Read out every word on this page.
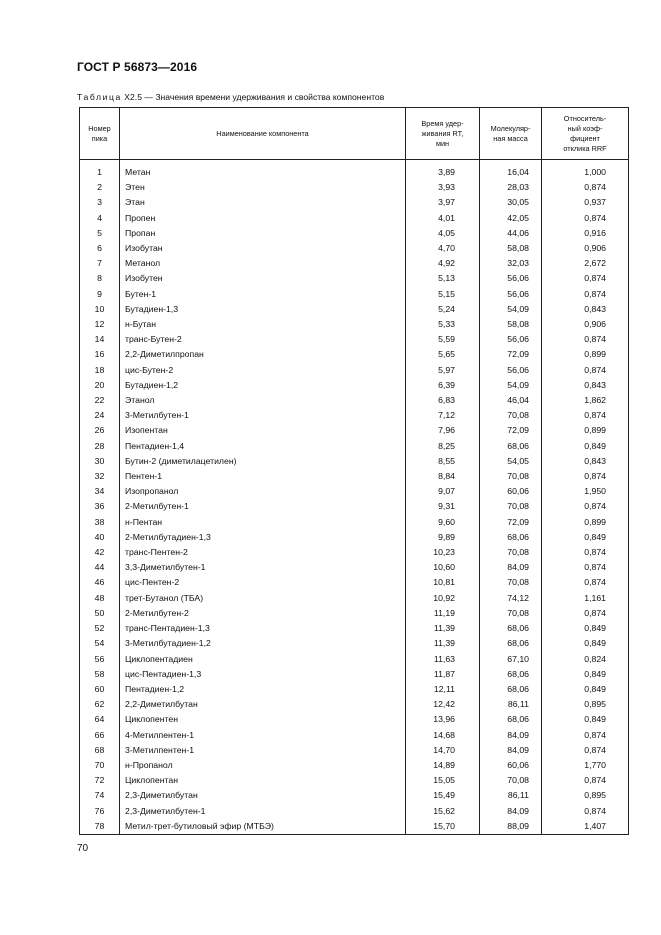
ГОСТ Р 56873—2016
Таблица Х2.5 — Значения времени удерживания и свойства компонентов
Номер
пика	Наименование компонента	Время удер-
живания RT,
мин	Молекуляр-
ная масса	Относитель-
ный коэф-
фициент
отклика RRF

1	Метан	3,89	16,04	1,000
2	Этен	3,93	28,03	0,874
3	Этан	3,97	30,05	0,937
4	Пропен	4,01	42,05	0,874
5	Пропан	4,05	44,06	0,916
6	Изобутан	4,70	58,08	0,906
7	Метанол	4,92	32,03	2,672
8	Изобутен	5,13	56,06	0,874
9	Бутен-1	5,15	56,06	0,874
10	Бутадиен-1,3	5,24	54,09	0,843
12	н-Бутан	5,33	58,08	0,906
14	транс-Бутен-2	5,59	56,06	0,874
16	2,2-Диметилпропан	5,65	72,09	0,899
18	цис-Бутен-2	5,97	56,06	0,874
20	Бутадиен-1,2	6,39	54,09	0,843
22	Этанол	6,83	46,04	1,862
24	3-Метилбутен-1	7,12	70,08	0,874
26	Изопентан	7,96	72,09	0,899
28	Пентадиен-1,4	8,25	68,06	0,849
30	Бутин-2 (диметилацетилен)	8,55	54,05	0,843
32	Пентен-1	8,84	70,08	0,874
34	Изопропанол	9,07	60,06	1,950
36	2-Метилбутен-1	9,31	70,08	0,874
38	н-Пентан	9,60	72,09	0,899
40	2-Метилбутадиен-1,3	9,89	68,06	0,849
42	транс-Пентен-2	10,23	70,08	0,874
44	3,3-Диметилбутен-1	10,60	84,09	0,874
46	цис-Пентен-2	10,81	70,08	0,874
48	трет-Бутанол (ТБА)	10,92	74,12	1,161
50	2-Метилбутен-2	11,19	70,08	0,874
52	транс-Пентадиен-1,3	11,39	68,06	0,849
54	3-Метилбутадиен-1,2	11,39	68,06	0,849
56	Циклопентадиен	11,63	67,10	0,824
58	цис-Пентадиен-1,3	11,87	68,06	0,849
60	Пентадиен-1,2	12,11	68,06	0,849
62	2,2-Диметилбутан	12,42	86,11	0,895
64	Циклопентен	13,96	68,06	0,849
66	4-Метилпентен-1	14,68	84,09	0,874
68	3-Метилпентен-1	14,70	84,09	0,874
70	н-Пропанол	14,89	60,06	1,770
72	Циклопентан	15,05	70,08	0,874
74	2,3-Диметилбутан	15,49	86,11	0,895
76	2,3-Диметилбутен-1	15,62	84,09	0,874
78	Метил-трет-бутиловый эфир (МТБЭ)	15,70	88,09	1,407
70
